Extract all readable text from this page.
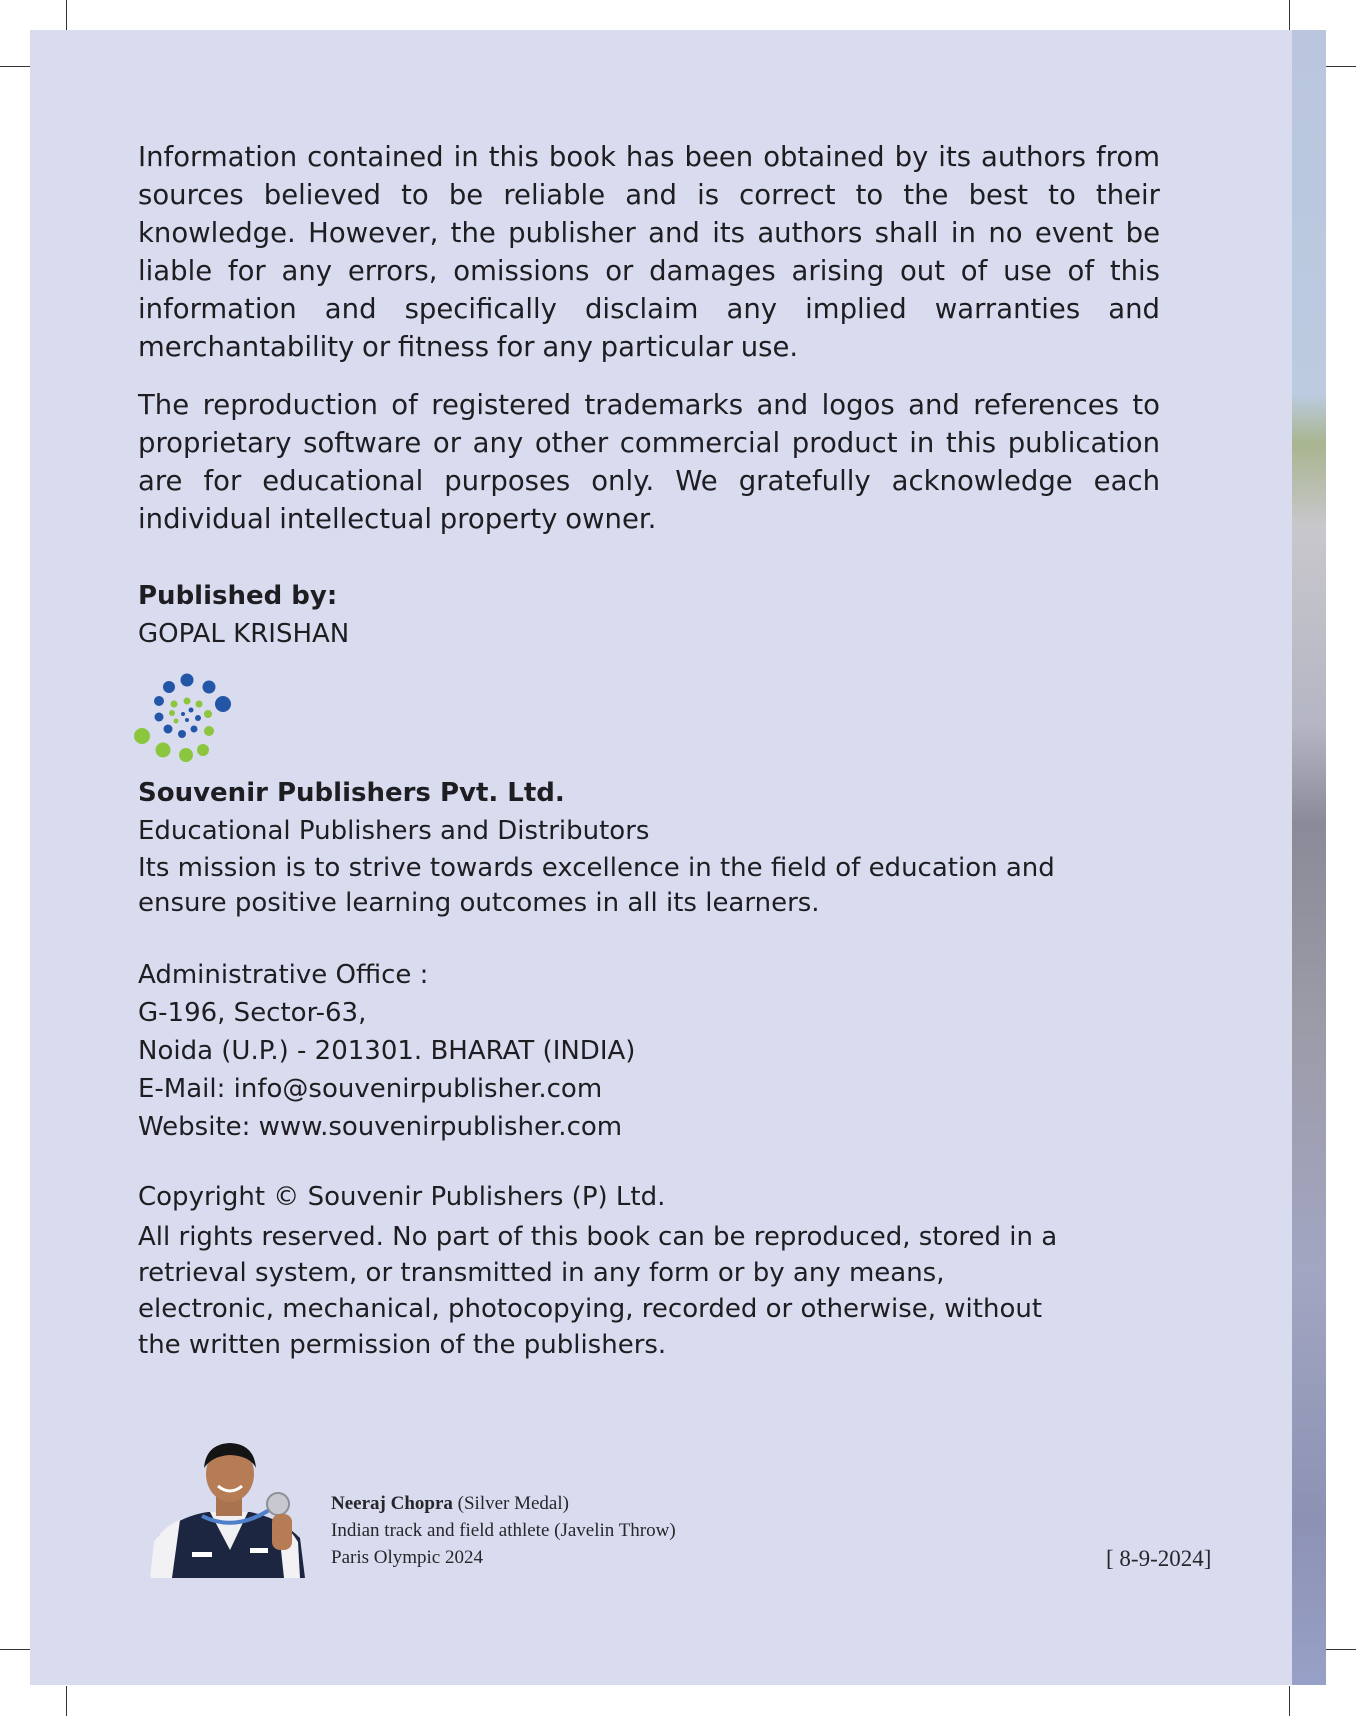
Information contained in this book has been obtained by its authors from sources believed to be reliable and is correct to the best to their knowledge. However, the publisher and its authors shall in no event be liable for any errors, omissions or damages arising out of use of this information and specifically disclaim any implied warranties and merchantability or fitness for any particular use.

The reproduction of registered trademarks and logos and references to proprietary software or any other commercial product in this publication are for educational purposes only. We gratefully acknowledge each individual intellectual property owner.

Published by:
GOPAL KRISHAN
Souvenir Publishers Pvt. Ltd.
Educational Publishers and Distributors
Its mission is to strive towards excellence in the field of education and ensure positive learning outcomes in all its learners.
Administrative Office :
G-196, Sector-63,
Noida (U.P.) - 201301. BHARAT (INDIA)
E-Mail: info@souvenirpublisher.com
Website: www.souvenirpublisher.com
Copyright © Souvenir Publishers (P) Ltd.
All rights reserved. No part of this book can be reproduced, stored in a retrieval system, or transmitted in any form or by any means, electronic, mechanical, photocopying, recorded or otherwise, without the written permission of the publishers.
Neeraj Chopra (Silver Medal)
Indian track and field athlete (Javelin Throw)
Paris Olympic 2024	[ 8-9-2024]
